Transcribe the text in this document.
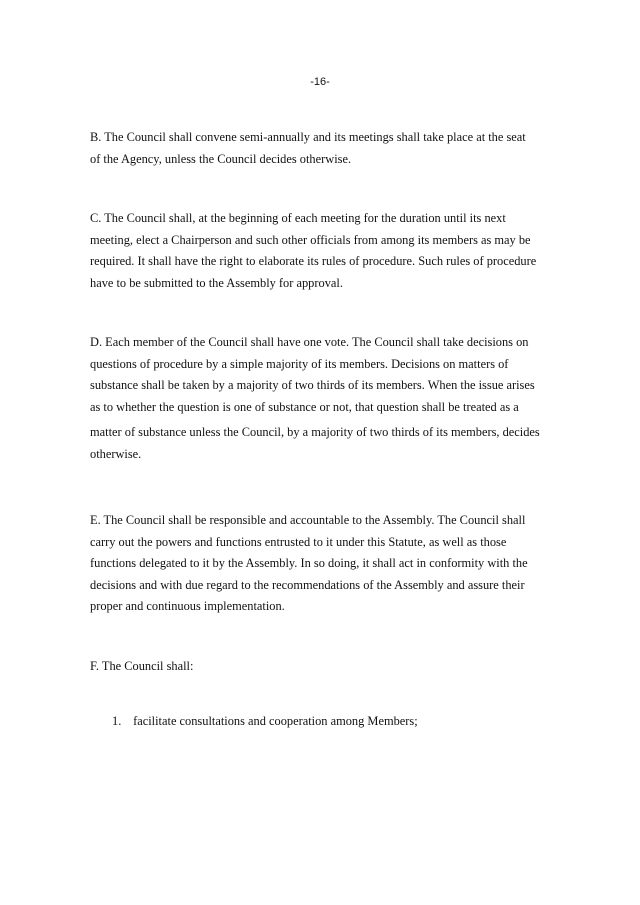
-16-

B. The Council shall convene semi-annually and its meetings shall take place at the seat
of the Agency, unless the Council decides otherwise.

C. The Council shall, at the beginning of each meeting for the duration until its next
meeting, elect a Chairperson and such other officials from among its members as may be
required. It shall have the right to elaborate its rules of procedure. Such rules of procedure
have to be submitted to the Assembly for approval.

D. Each member of the Council shall have one vote. The Council shall take decisions on
questions of procedure by a simple majority of its members. Decisions on matters of
substance shall be taken by a majority of two thirds of its members. When the issue arises
as to whether the question is one of substance or not, that question shall be treated as a
matter of substance unless the Council, by a majority of two thirds of its members, decides
otherwise.

E. The Council shall be responsible and accountable to the Assembly. The Council shall
carry out the powers and functions entrusted to it under this Statute, as well as those
functions delegated to it by the Assembly. In so doing, it shall act in conformity with the
decisions and with due regard to the recommendations of the Assembly and assure their
proper and continuous implementation.

F. The Council shall:

1. facilitate consultations and cooperation among Members;
